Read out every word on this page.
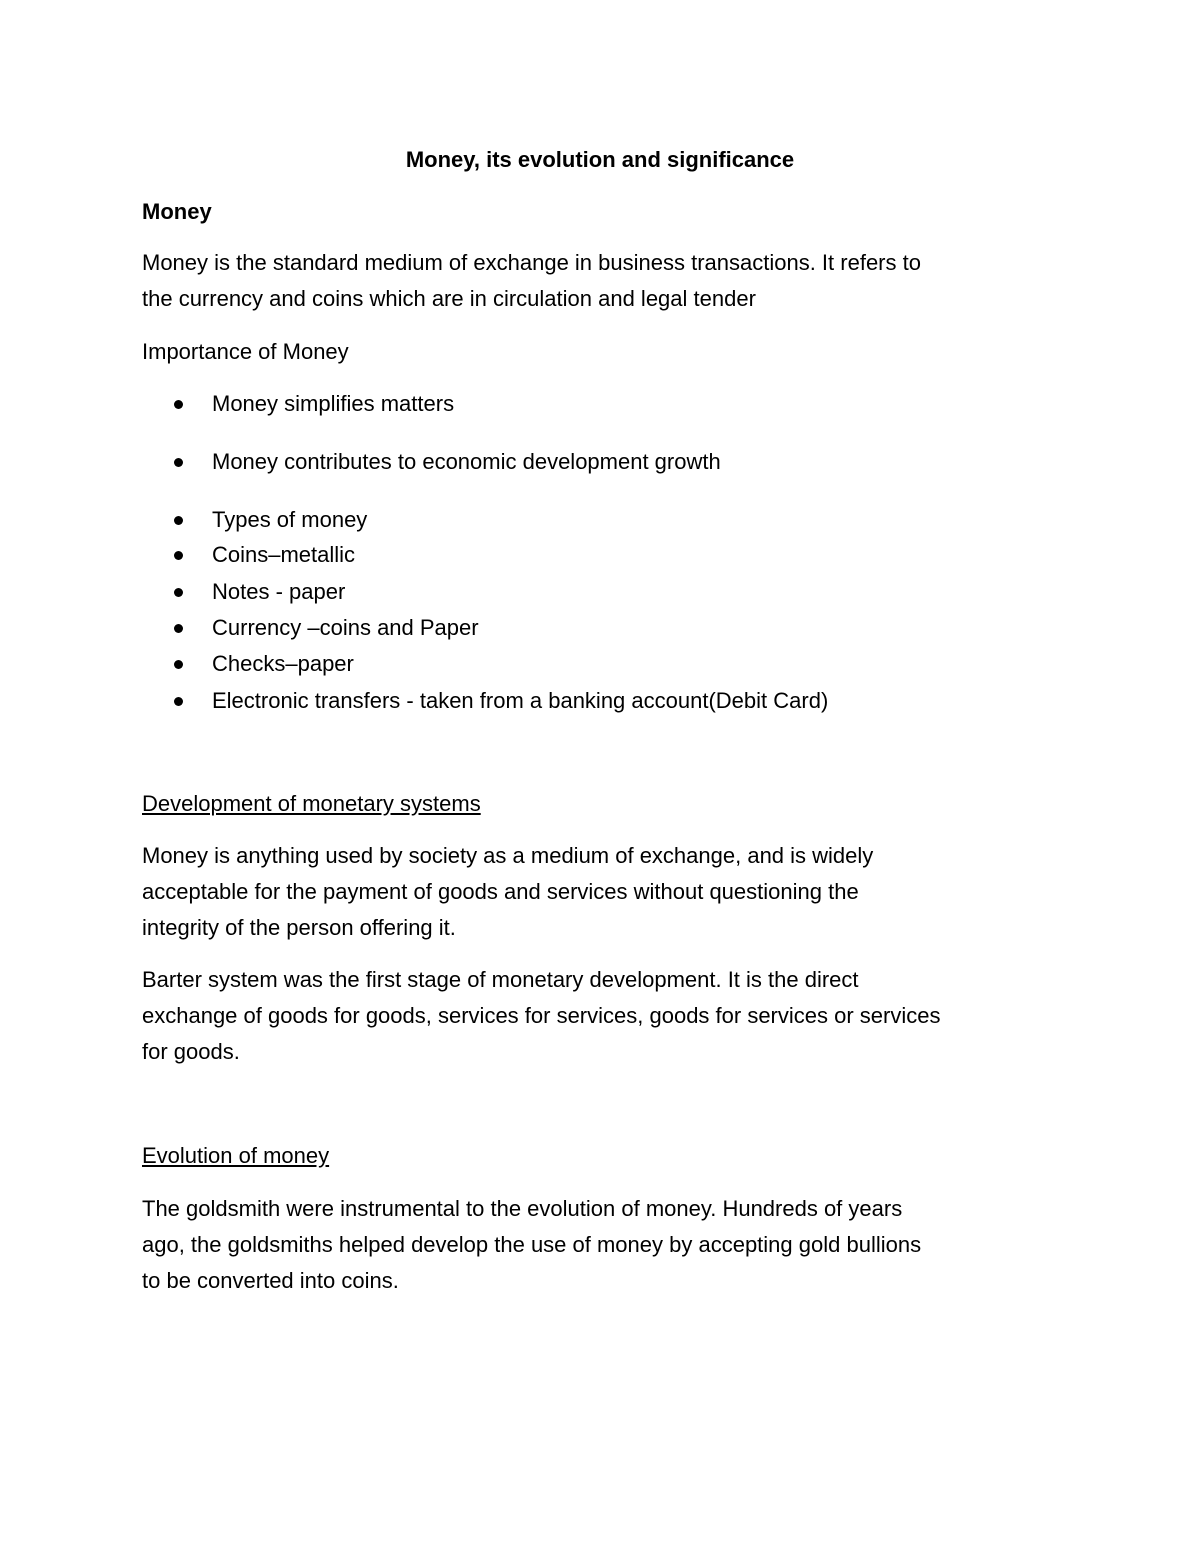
Money, its evolution and significance
Money
Money is the standard medium of exchange in business transactions. It refers to
the currency and coins which are in circulation and legal tender
Importance of Money
Money simplifies matters
Money contributes to economic development growth
Types of money
Coins–metallic
Notes - paper
Currency –coins and Paper
Checks–paper
Electronic transfers - taken from a banking account(Debit Card)
Development of monetary systems
Money is anything used by society as a medium of exchange, and is widely
acceptable for the payment of goods and services without questioning the
integrity of the person offering it.
Barter system was the first stage of monetary development. It is the direct
exchange of goods for goods, services for services, goods for services or services
for goods.
Evolution of money
The goldsmith were instrumental to the evolution of money. Hundreds of years
ago, the goldsmiths helped develop the use of money by accepting gold bullions
to be converted into coins.
